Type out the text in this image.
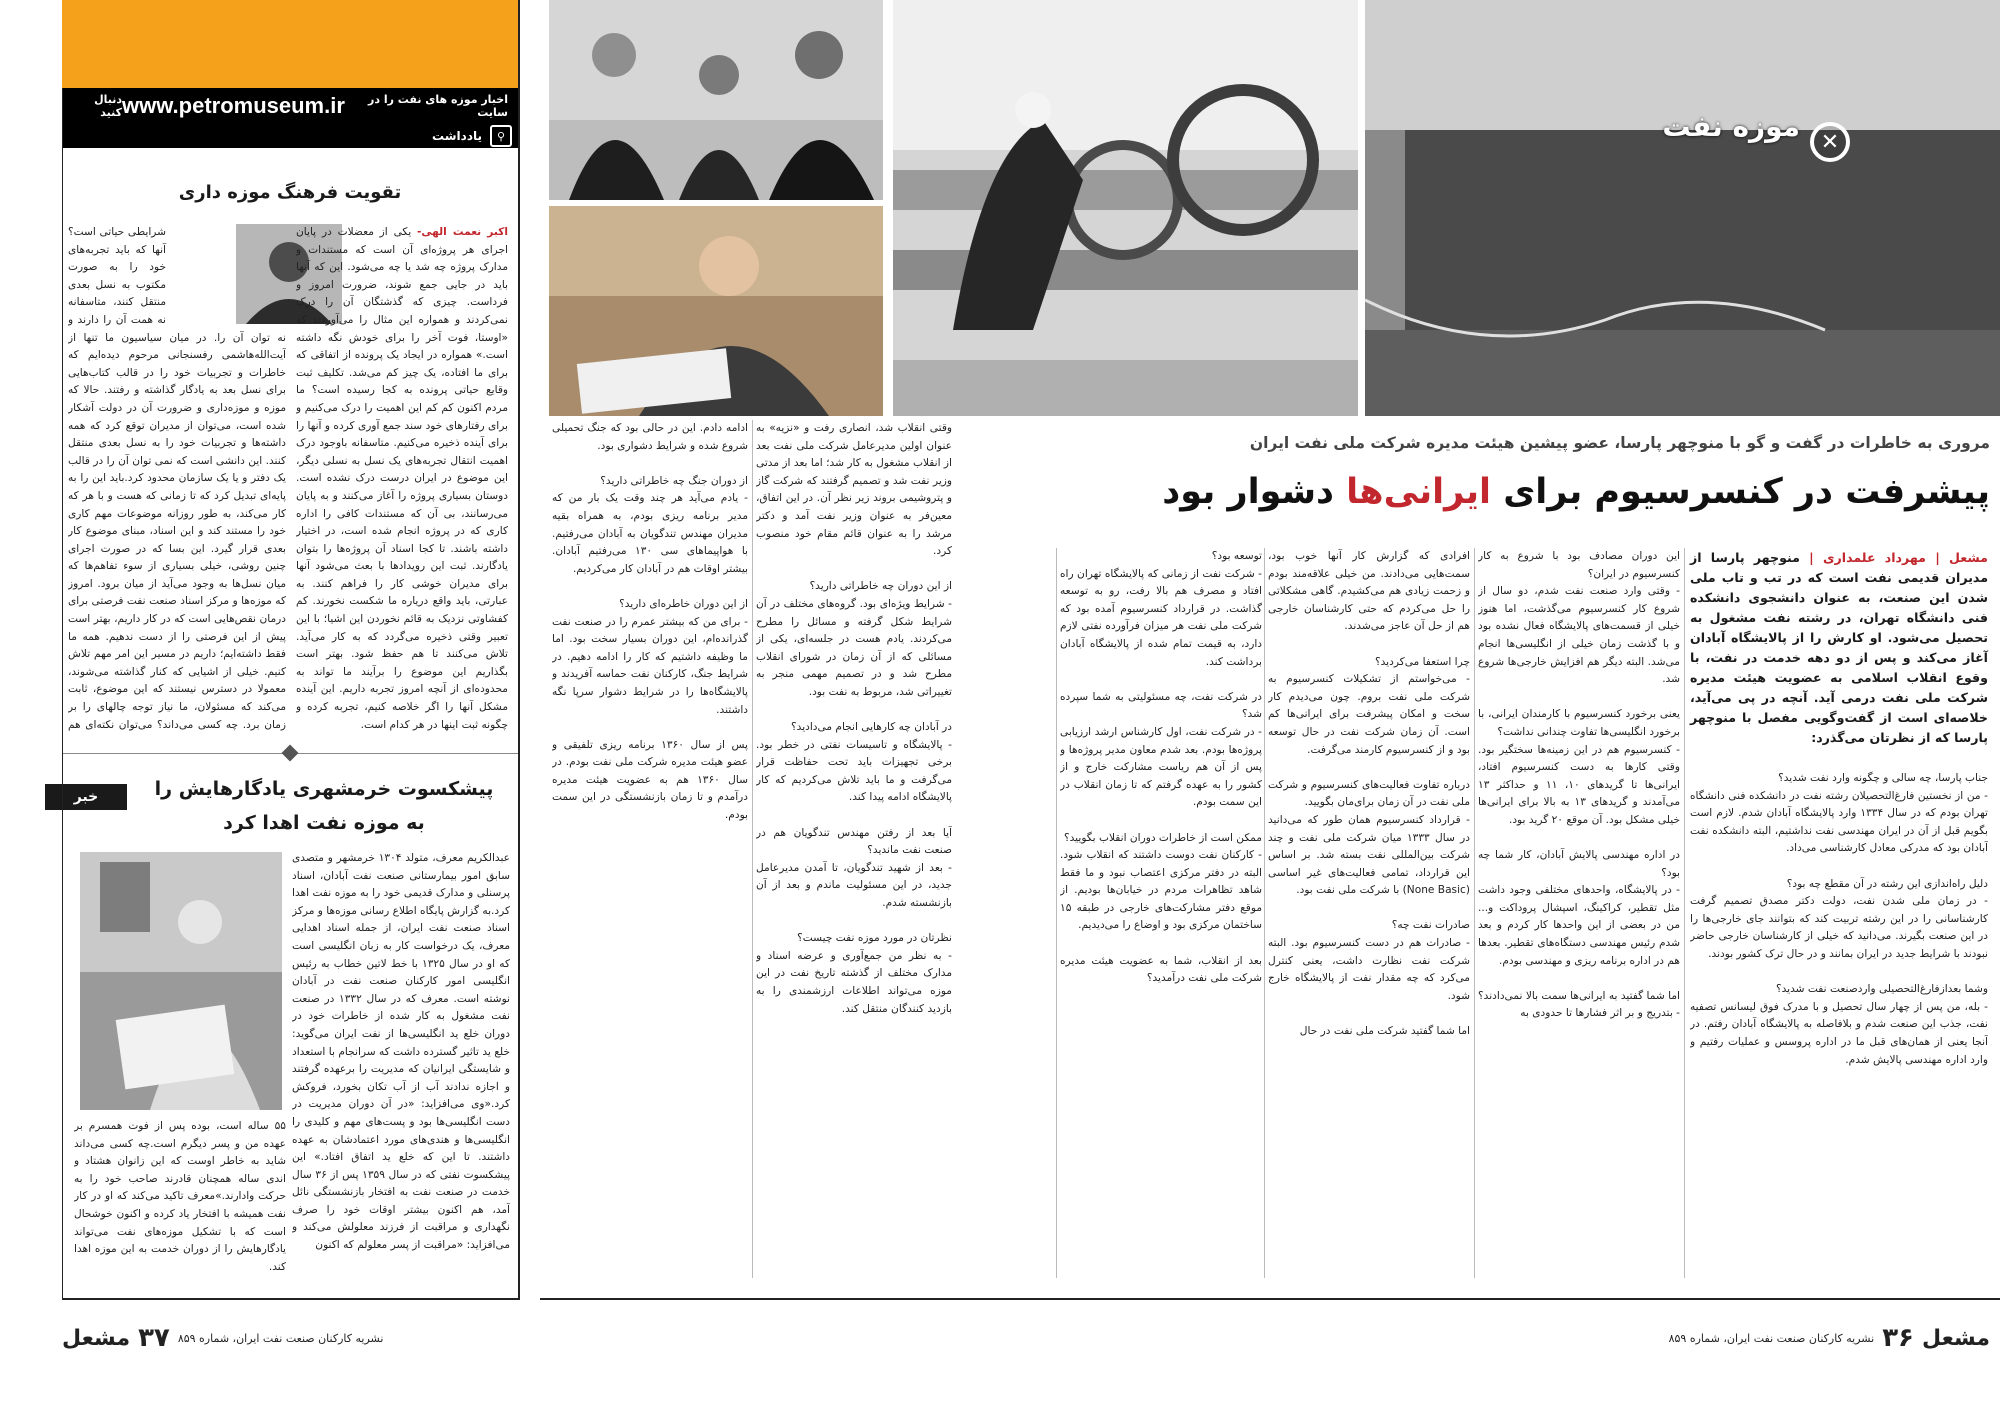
اخبار موزه های نفت را در سایت
www.petromuseum.ir
دنبال کنید
⚲
یادداشت
تقویت فرهنگ موزه داری
اکبر نعمت الهی- یکی از معضلات در پایان اجرای هر پروژه‌ای آن است که مستندات و مدارک پروژه چه شد یا چه می‌شود. این که آنها باید در جایی جمع شوند، ضرورت امروز و فرداست. چیزی که گذشتگان آن را درک نمی‌کردند و همواره این مثال را می‌آوردند که «اوستا، فوت آخر را برای خودش نگه داشته است.» همواره در ایجاد یک پرونده از اتفاقی که برای ما افتاده، یک چیز کم می‌شد. تکلیف ثبت وقایع حیاتی پرونده به کجا رسیده است؟ ما مردم اکنون کم کم این اهمیت را درک می‌کنیم و برای رفتارهای خود سند جمع آوری کرده و آنها را برای آینده ذخیره می‌کنیم. متاسفانه باوجود درک اهمیت انتقال تجربه‌های یک نسل به نسلی دیگر، این موضوع در ایران درست درک نشده است. دوستان بسیاری پروژه را آغاز می‌کنند و به پایان می‌رسانند، بی آن که مستندات کافی را اداره کاری که در پروژه انجام شده است، در اختیار داشته باشند. تا کجا اسناد آن پروژه‌ها را بتوان یادگارند. ثبت این رویدادها با بعث می‌شود آنها برای مدیران خوشی کار را فراهم کنند. به عبارتی، باید واقع دریاره ما شکست نخورند. کم کفشاوتی نزدیک به قائم نخوردن این اشیا؛ با این تعبیر وقتی ذخیره می‌گردد که به کار می‌آید. تلاش می‌کنند تا هم حفظ شود. بهتر است بگذاریم این موضوع را برآیند ما تواند به محدوده‌ای از آنچه امروز تجربه داریم. این آینده مشکل آنها را اگر خلاصه کنیم، تجربه کرده و چگونه ثبت اینها در هر کدام است.
شرایطی حیاتی است؟ آنها که باید تجربه‌های خود را به صورت مکتوب به نسل بعدی منتقل کنند، متاسفانه نه همت آن را دارند و نه توان آن را. در میان سیاسیون ما تنها از آیت‌الله‌هاشمی رفسنجانی مرحوم دیده‌ایم که خاطرات و تجربیات خود را در قالب کتاب‌هایی برای نسل بعد به یادگار گذاشته و رفتند. حالا که موزه و موزه‌داری و ضرورت آن در دولت آشکار شده است، می‌توان از مدیران توقع کرد که همه داشته‌ها و تجربیات خود را به نسل بعدی منتقل کنند. این دانشی است که نمی توان آن را در قالب یک دفتر و یا یک سازمان محدود کرد.باید این را به پایه‌ای تبدیل کرد که تا زمانی که هست و با هر که کار می‌کند، به طور روزانه موضوعات مهم کاری خود را مستند کند و این اسناد، مبنای موضوع کار بعدی قرار گیرد. این بسا که در صورت اجرای چنین روشی، خیلی بسیاری از سوء تفاهم‌ها که میان نسل‌ها به وجود می‌آید از میان برود. امروز که موزه‌ها و مرکز اسناد صنعت نفت فرصتی برای درمان نقص‌هایی است که در کار داریم، بهتر است پیش از این فرصتی را از دست ندهیم. همه ما فقط داشته‌ایم؛ داریم در مسیر این امر مهم تلاش کنیم. خیلی از اشیایی که کنار گذاشته می‌شوند، معمولا در دسترس نیستند که این موضوع، ثابت می‌کند که مسئولان، ما نیاز توجه چالهای را بر زمان برد. چه کسی می‌داند؟ می‌توان نکته‌ای هم
خبر	پیشکسوت خرمشهری یادگارهایش را
به موزه نفت اهدا کرد
عبدالکریم معرف، متولد ۱۳۰۴ خرمشهر و متصدی سابق امور بیمارستانی صنعت نفت آبادان، اسناد پرسنلی و مدارک قدیمی خود را به موزه نفت اهدا کرد.به گزارش پایگاه اطلاع رسانی موزه‌ها و مرکز اسناد صنعت نفت ایران، از جمله اسناد اهدایی معرف، یک درخواست کار به زبان انگلیسی است که او در سال ۱۳۲۵ با خط لاتین خطاب به رئیس انگلیسی امور کارکنان صنعت نفت در آبادان نوشته است. معرف که در سال ۱۳۳۲ در صنعت نفت مشغول به کار شده از خاطرات خود در دوران خلع ید انگلیسی‌ها از نفت ایران می‌گوید: خلع ید تاثیر گسترده داشت که سرانجام با استعداد و شایستگی ایرانیان که مدیریت را برعهده گرفتند و اجازه ندادند آب از آب تکان بخورد، فروکش کرد.«وی می‌افزاید: «در آن دوران مدیریت در دست انگلیسی‌ها بود و پست‌های مهم و کلیدی را انگلیسی‌ها و هندی‌های مورد اعتمادشان به عهده داشتند. تا این که خلع ید اتفاق افتاد.» این پیشکسوت نفتی که در سال ۱۳۵۹ پس از ۳۶ سال خدمت در صنعت نفت به افتخار بازنشستگی نائل آمد، هم اکنون بیشتر اوقات خود را صرف نگهداری و مراقبت از فرزند معلولش می‌کند و می‌افزاید: «مراقبت از پسر معلولم که اکنون
۵۵ ساله است، بوده پس از فوت همسرم بر عهده من و پسر دیگرم است.چه کسی می‌داند شاید به خاطر اوست که این زانوان هشتاد و اندی ساله همچنان قادرند صاحب خود را به حرکت وادارند.»معرف تاکید می‌کند که او در کار نفت همیشه با افتخار یاد کرده و اکنون خوشحال است که با تشکیل موزه‌های نفت می‌تواند یادگارهایش را از دوران خدمت به این موزه اهدا کند.
✕
موزه نفت
مروری به خاطرات در گفت و گو با منوچهر پارسا، عضو پیشین هیئت مدیره شرکت ملی نفت ایران
پیشرفت در کنسرسیوم برای ایرانی‌ها دشوار بود
مشعل | مهرداد علمداری | منوچهر پارسا از مدیران قدیمی نفت است که در تب و تاب ملی شدن این صنعت، به عنوان دانشجوی دانشکده فنی دانشگاه تهران، در رشته نفت مشغول به تحصیل می‌شود. او کارش را از پالایشگاه آبادان آغاز می‌کند و پس از دو دهه خدمت در نفت، با وقوع انقلاب اسلامی به عضویت هیئت مدیره شرکت ملی نفت درمی آید. آنچه در پی می‌آید، خلاصه‌ای است از گفت‌وگویی مفصل با منوچهر پارسا که از نظرتان می‌گذرد:
جناب پارسا، چه سالی و چگونه وارد نفت شدید؟
- من از نخستین فارغ‌التحصیلان رشته نفت در دانشکده فنی دانشگاه تهران بودم که در سال ۱۳۳۴ وارد پالایشگاه آبادان شدم. لازم است بگویم قبل از آن در ایران مهندسی نفت نداشتیم، البته دانشکده نفت آبادان بود که مدرکی معادل کارشناسی می‌داد.

دلیل راه‌اندازی این رشته در آن مقطع چه بود؟
- در زمان ملی شدن نفت، دولت دکتر مصدق تصمیم گرفت کارشناسانی را در این رشته تربیت کند که بتوانند جای خارجی‌ها را در این صنعت بگیرند. می‌دانید که خیلی از کارشناسان خارجی حاضر نبودند با شرایط جدید در ایران بمانند و در حال ترک کشور بودند.

وشما بعدازفارغ‌التحصیلی واردصنعت نفت شدید؟
- بله، من پس از چهار سال تحصیل و با مدرک فوق لیسانس تصفیه نفت، جذب این صنعت شدم و بلافاصله به پالایشگاه آبادان رفتم. در آنجا یعنی از همان‌های قبل ما در اداره پروسس و عملیات رفتیم و وارد اداره مهندسی پالایش شدم.
این دوران مصادف بود با شروع به کار کنسرسیوم در ایران؟
- وقتی وارد صنعت نفت شدم، دو سال از شروع کار کنسرسیوم می‌گذشت، اما هنوز خیلی از قسمت‌های پالایشگاه فعال نشده بود و با گذشت زمان خیلی از انگلیسی‌ها انجام می‌شد. البته دیگر هم افزایش خارجی‌ها شروع شد.

یعنی برخورد کنسرسیوم با کارمندان ایرانی، با برخورد انگلیسی‌ها تفاوت چندانی نداشت؟
- کنسرسیوم هم در این زمینه‌ها سختگیر بود. وقتی کارها به دست کنسرسیوم افتاد، ایرانی‌ها تا گریدهای ۱۰، ۱۱ و حداکثر ۱۳ می‌آمدند و گریدهای ۱۳ به بالا برای ایرانی‌ها خیلی مشکل بود. آن موقع ۲۰ گرید بود.

در اداره مهندسی پالایش آبادان، کار شما چه بود؟
- در پالایشگاه، واحدهای مختلفی وجود داشت مثل تقطیر، کراکینگ، اسپشال پروداکت و... من در بعضی از این واحدها کار کردم و بعد شدم رئیس مهندسی دستگاه‌های تقطیر. بعدها هم در اداره برنامه ریزی و مهندسی بودم.

اما شما گفتید به ایرانی‌ها سمت بالا نمی‌دادند؟
- بتدریج و بر اثر فشارها تا حدودی به
افرادی که گزارش کار آنها خوب بود، سمت‌هایی می‌دادند. من خیلی علاقه‌مند بودم و زحمت زیادی هم می‌کشیدم. گاهی مشکلاتی را حل می‌کردم که حتی کارشناسان خارجی هم از حل آن عاجز می‌شدند.

چرا استعفا می‌کردید؟
- می‌خواستم از تشکیلات کنسرسیوم به شرکت ملی نفت بروم. چون می‌دیدم کار سخت و امکان پیشرفت برای ایرانی‌ها کم است. آن زمان شرکت نفت در حال توسعه بود و از کنسرسیوم کارمند می‌گرفت.

درباره تفاوت فعالیت‌های کنسرسیوم و شرکت ملی نفت در آن زمان برای‌مان بگویید.
- قرارداد کنسرسیوم همان طور که می‌دانید در سال ۱۳۳۳ میان شرکت ملی نفت و چند شرکت بین‌المللی نفت بسته شد. بر اساس این قرارداد، تمامی فعالیت‌های غیر اساسی (None Basic) با شرکت ملی نفت بود.

صادرات نفت چه؟
- صادرات هم در دست کنسرسیوم بود. البته شرکت نفت نظارت داشت، یعنی کنترل می‌کرد که چه مقدار نفت از پالایشگاه خارج شود.

اما شما گفتید شرکت ملی نفت در حال
توسعه بود؟
- شرکت نفت از زمانی که پالایشگاه تهران راه افتاد و مصرف هم بالا رفت، رو به توسعه گذاشت. در قرارداد کنسرسیوم آمده بود که شرکت ملی نفت هر میزان فرآورده نفتی لازم دارد، به قیمت تمام شده از پالایشگاه آبادان برداشت کند.

در شرکت نفت، چه مسئولیتی به شما سپرده شد؟
- در شرکت نفت، اول کارشناس ارشد ارزیابی پروژه‌ها بودم. بعد شدم معاون مدیر پروژه‌ها و پس از آن هم ریاست مشارکت خارج و از کشور را به عهده گرفتم که تا زمان انقلاب در این سمت بودم.

ممکن است از خاطرات دوران انقلاب بگویید؟
- کارکنان نفت دوست داشتند که انقلاب شود. البته در دفتر مرکزی اعتصاب نبود و ما فقط شاهد تظاهرات مردم در خیابان‌ها بودیم. از موقع دفتر مشارکت‌های خارجی در طبقه ۱۵ ساختمان مرکزی بود و اوضاع را می‌دیدیم.

بعد از انقلاب، شما به عضویت هیئت مدیره شرکت ملی نفت درآمدید؟
وقتی انقلاب شد، انصاری رفت و «نزیه» به عنوان اولین مدیرعامل شرکت ملی نفت بعد از انقلاب مشغول به کار شد؛ اما بعد از مدتی وزیر نفت شد و تصمیم گرفتند که شرکت گاز و پتروشیمی بروند زیر نظر آن. در این اتفاق، معین‌فر به عنوان وزیر نفت آمد و دکتر مرشد را به عنوان قائم مقام خود منصوب کرد.

از این دوران چه خاطراتی دارید؟
- شرایط ویژه‌ای بود. گروه‌های مختلف در آن شرایط شکل گرفته و مسائل را مطرح می‌کردند. یادم هست در جلسه‌ای، یکی از مسائلی که از آن زمان در شورای انقلاب مطرح شد و در تصمیم مهمی منجر به تغییراتی شد، مربوط به نفت بود.

در آبادان چه کارهایی انجام می‌دادید؟
- پالایشگاه و تاسیسات نفتی در خطر بود. برخی تجهیزات باید تحت حفاظت قرار می‌گرفت و ما باید تلاش می‌کردیم که کار پالایشگاه ادامه پیدا کند.

آیا بعد از رفتن مهندس تندگویان هم در صنعت نفت ماندید؟
- بعد از شهید تندگویان، تا آمدن مدیرعامل جدید، در این مسئولیت ماندم و بعد از آن بازنشسته شدم.

نظرتان در مورد موزه نفت چیست؟
- به نظر من جمع‌آوری و عرضه اسناد و مدارک مختلف از گذشته تاریخ نفت در این موزه می‌تواند اطلاعات ارزشمندی را به بازدید کنندگان منتقل کند.
ادامه دادم. این در حالی بود که جنگ تحمیلی شروع شده و شرایط دشواری بود.

از دوران جنگ چه خاطراتی دارید؟
- یادم می‌آید هر چند وقت یک بار من که مدیر برنامه ریزی بودم، به همراه بقیه مدیران مهندس تندگویان به آبادان می‌رفتیم. با هواپیماهای سی ۱۳۰ می‌رفتیم آبادان. بیشتر اوقات هم در آبادان کار می‌کردیم.

از این دوران خاطره‌ای دارید؟
- برای من که بیشتر عمرم را در صنعت نفت گذرانده‌ام، این دوران بسیار سخت بود. اما ما وظیفه داشتیم که کار را ادامه دهیم. در شرایط جنگ، کارکنان نفت حماسه آفریدند و پالایشگاه‌ها را در شرایط دشوار سرپا نگه داشتند.

پس از سال ۱۳۶۰ برنامه ریزی تلفیقی و عضو هیئت مدیره شرکت ملی نفت بودم. در سال ۱۳۶۰ هم به عضویت هیئت مدیره درآمدم و تا زمان بازنشستگی در این سمت بودم.
مشعل
۳۶
نشریه کارکنان صنعت نفت ایران، شماره ۸۵۹
نشریه کارکنان صنعت نفت ایران، شماره ۸۵۹
۳۷
مشعل
